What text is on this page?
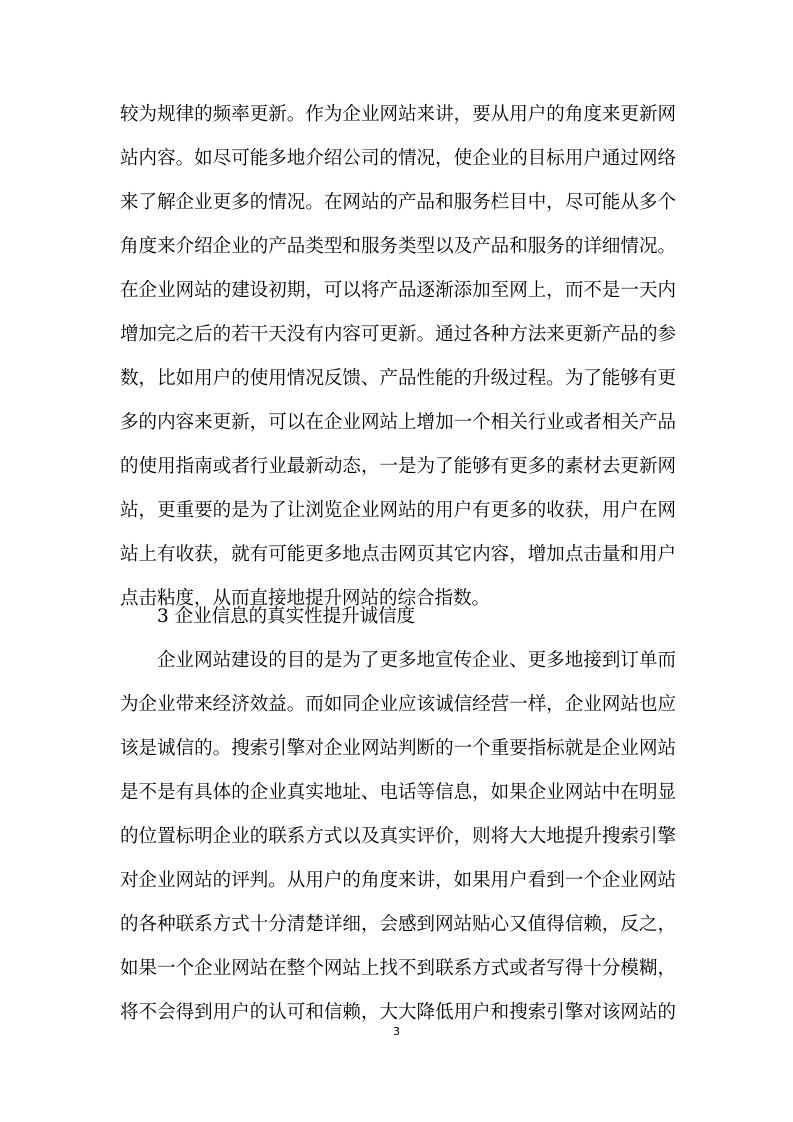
较为规律的频率更新。作为企业网站来讲，要从用户的角度来更新网
站内容。如尽可能多地介绍公司的情况，使企业的目标用户通过网络
来了解企业更多的情况。在网站的产品和服务栏目中，尽可能从多个
角度来介绍企业的产品类型和服务类型以及产品和服务的详细情况。
在企业网站的建设初期，可以将产品逐渐添加至网上，而不是一天内
增加完之后的若干天没有内容可更新。通过各种方法来更新产品的参
数，比如用户的使用情况反馈、产品性能的升级过程。为了能够有更
多的内容来更新，可以在企业网站上增加一个相关行业或者相关产品
的使用指南或者行业最新动态，一是为了能够有更多的素材去更新网
站，更重要的是为了让浏览企业网站的用户有更多的收获，用户在网
站上有收获，就有可能更多地点击网页其它内容，增加点击量和用户
点击粘度，从而直接地提升网站的综合指数。
3 企业信息的真实性提升诚信度
企业网站建设的目的是为了更多地宣传企业、更多地接到订单而
为企业带来经济效益。而如同企业应该诚信经营一样，企业网站也应
该是诚信的。搜索引擎对企业网站判断的一个重要指标就是企业网站
是不是有具体的企业真实地址、电话等信息，如果企业网站中在明显
的位置标明企业的联系方式以及真实评价，则将大大地提升搜索引擎
对企业网站的评判。从用户的角度来讲，如果用户看到一个企业网站
的各种联系方式十分清楚详细，会感到网站贴心又值得信赖，反之，
如果一个企业网站在整个网站上找不到联系方式或者写得十分模糊，
将不会得到用户的认可和信赖，大大降低用户和搜索引擎对该网站的
3
